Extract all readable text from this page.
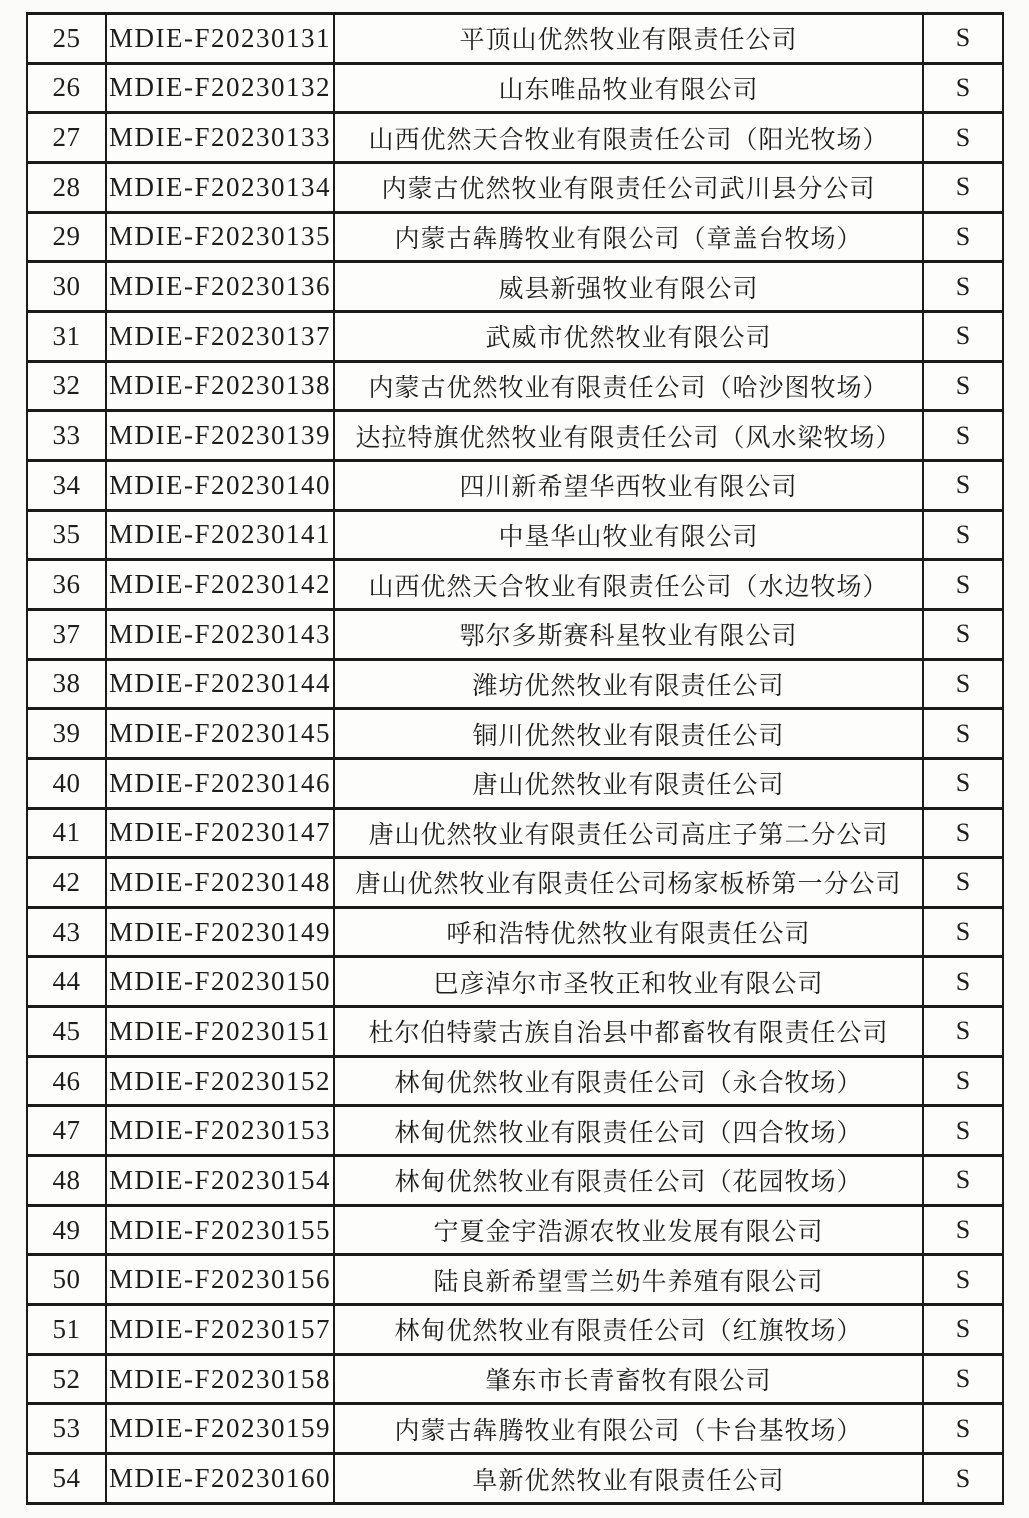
25	MDIE-F20230131	平顶山优然牧业有限责任公司	S
26	MDIE-F20230132	山东唯品牧业有限公司	S
27	MDIE-F20230133	山西优然天合牧业有限责任公司（阳光牧场）	S
28	MDIE-F20230134	内蒙古优然牧业有限责任公司武川县分公司	S
29	MDIE-F20230135	内蒙古犇腾牧业有限公司（章盖台牧场）	S
30	MDIE-F20230136	威县新强牧业有限公司	S
31	MDIE-F20230137	武威市优然牧业有限公司	S
32	MDIE-F20230138	内蒙古优然牧业有限责任公司（哈沙图牧场）	S
33	MDIE-F20230139	达拉特旗优然牧业有限责任公司（风水梁牧场）	S
34	MDIE-F20230140	四川新希望华西牧业有限公司	S
35	MDIE-F20230141	中垦华山牧业有限公司	S
36	MDIE-F20230142	山西优然天合牧业有限责任公司（水边牧场）	S
37	MDIE-F20230143	鄂尔多斯赛科星牧业有限公司	S
38	MDIE-F20230144	潍坊优然牧业有限责任公司	S
39	MDIE-F20230145	铜川优然牧业有限责任公司	S
40	MDIE-F20230146	唐山优然牧业有限责任公司	S
41	MDIE-F20230147	唐山优然牧业有限责任公司高庄子第二分公司	S
42	MDIE-F20230148	唐山优然牧业有限责任公司杨家板桥第一分公司	S
43	MDIE-F20230149	呼和浩特优然牧业有限责任公司	S
44	MDIE-F20230150	巴彦淖尔市圣牧正和牧业有限公司	S
45	MDIE-F20230151	杜尔伯特蒙古族自治县中都畜牧有限责任公司	S
46	MDIE-F20230152	林甸优然牧业有限责任公司（永合牧场）	S
47	MDIE-F20230153	林甸优然牧业有限责任公司（四合牧场）	S
48	MDIE-F20230154	林甸优然牧业有限责任公司（花园牧场）	S
49	MDIE-F20230155	宁夏金宇浩源农牧业发展有限公司	S
50	MDIE-F20230156	陆良新希望雪兰奶牛养殖有限公司	S
51	MDIE-F20230157	林甸优然牧业有限责任公司（红旗牧场）	S
52	MDIE-F20230158	肇东市长青畜牧有限公司	S
53	MDIE-F20230159	内蒙古犇腾牧业有限公司（卡台基牧场）	S
54	MDIE-F20230160	阜新优然牧业有限责任公司	S
